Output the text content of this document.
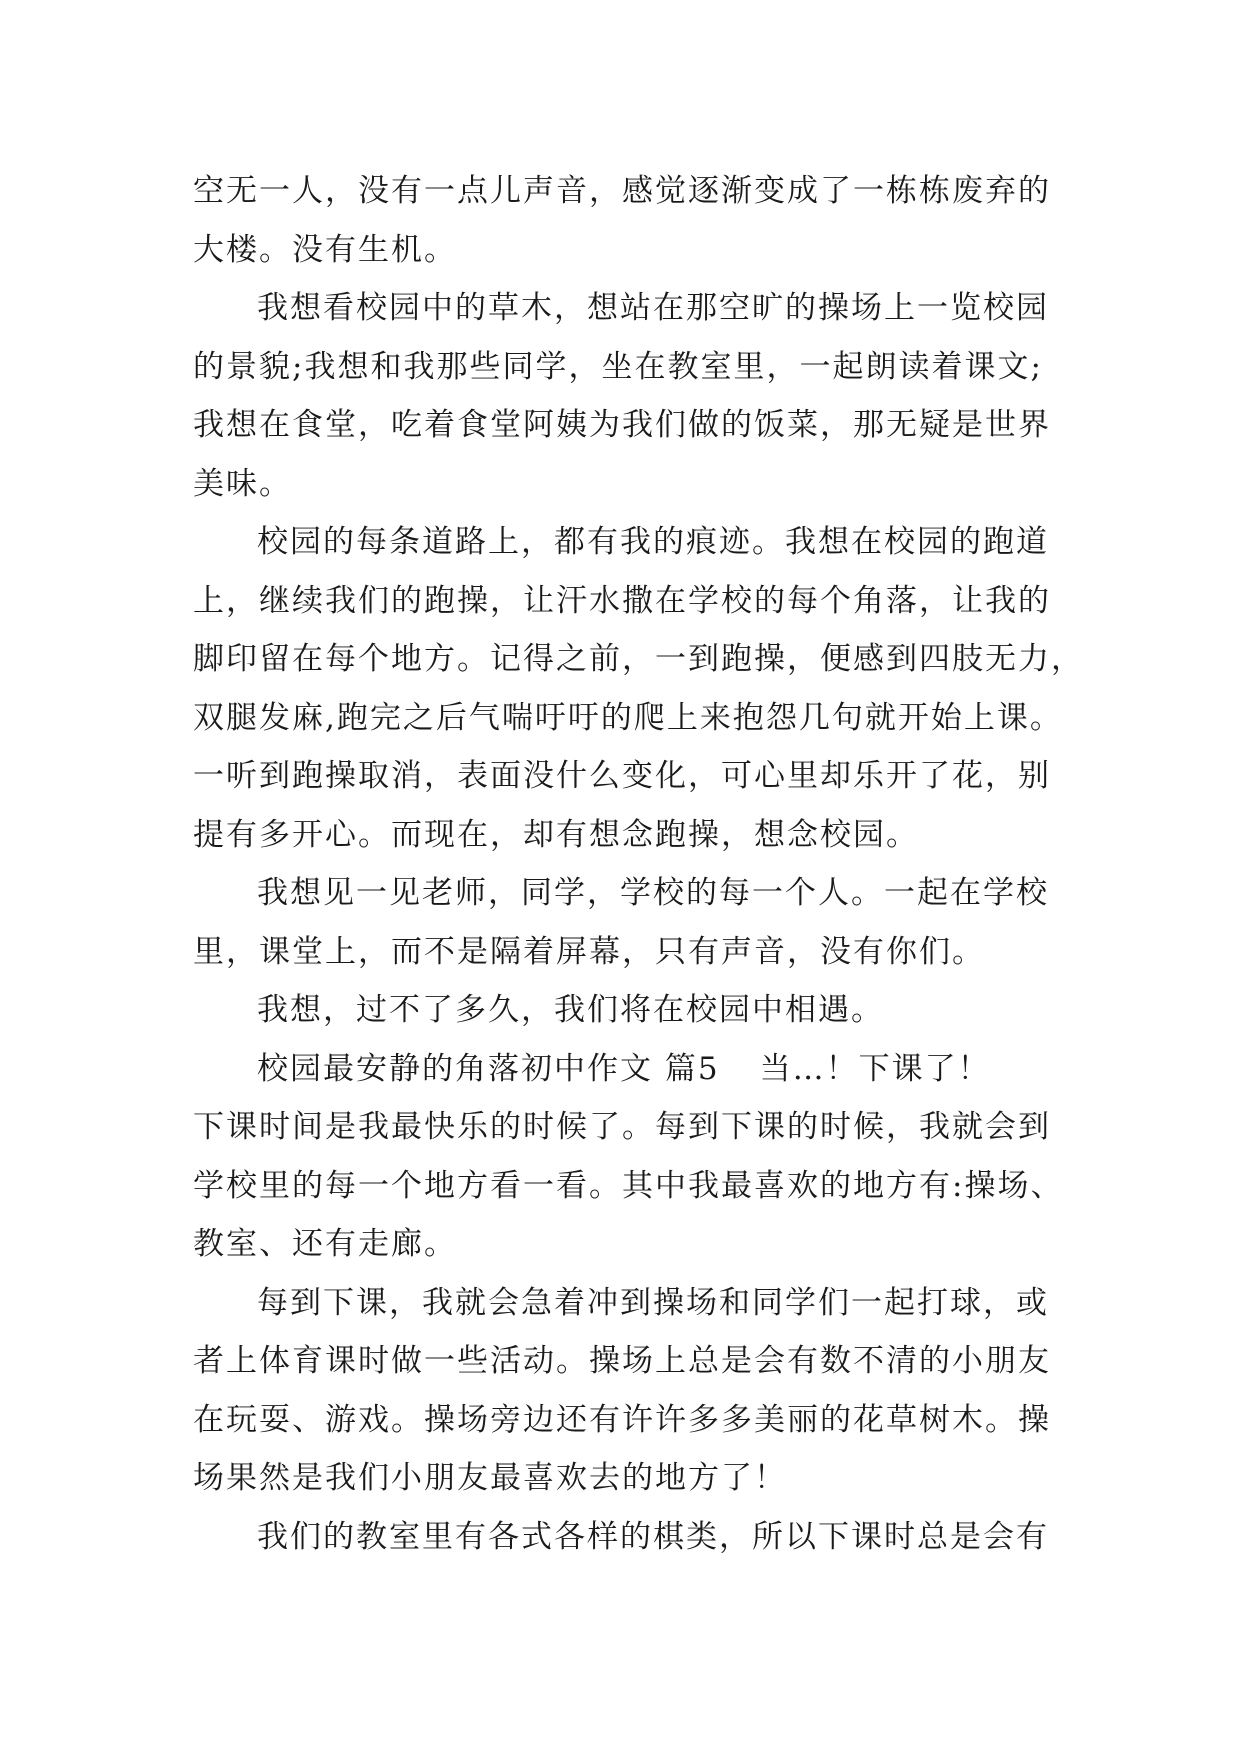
空无一人，没有一点儿声音，感觉逐渐变成了一栋栋废弃的
大楼。没有生机。
我想看校园中的草木，想站在那空旷的操场上一览校园
的景貌;我想和我那些同学，坐在教室里，一起朗读着课文;
我想在食堂，吃着食堂阿姨为我们做的饭菜，那无疑是世界
美味。
校园的每条道路上，都有我的痕迹。我想在校园的跑道
上，继续我们的跑操，让汗水撒在学校的每个角落，让我的
脚印留在每个地方。记得之前，一到跑操，便感到四肢无力，
双腿发麻,跑完之后气喘吁吁的爬上来抱怨几句就开始上课。
一听到跑操取消，表面没什么变化，可心里却乐开了花，别
提有多开心。而现在，却有想念跑操，想念校园。
我想见一见老师，同学，学校的每一个人。一起在学校
里，课堂上，而不是隔着屏幕，只有声音，没有你们。
我想，过不了多久，我们将在校园中相遇。
校园最安静的角落初中作文 篇5 当…！下课了！
下课时间是我最快乐的时候了。每到下课的时候，我就会到
学校里的每一个地方看一看。其中我最喜欢的地方有:操场、
教室、还有走廊。
每到下课，我就会急着冲到操场和同学们一起打球，或
者上体育课时做一些活动。操场上总是会有数不清的小朋友
在玩耍、游戏。操场旁边还有许许多多美丽的花草树木。操
场果然是我们小朋友最喜欢去的地方了！
我们的教室里有各式各样的棋类，所以下课时总是会有
